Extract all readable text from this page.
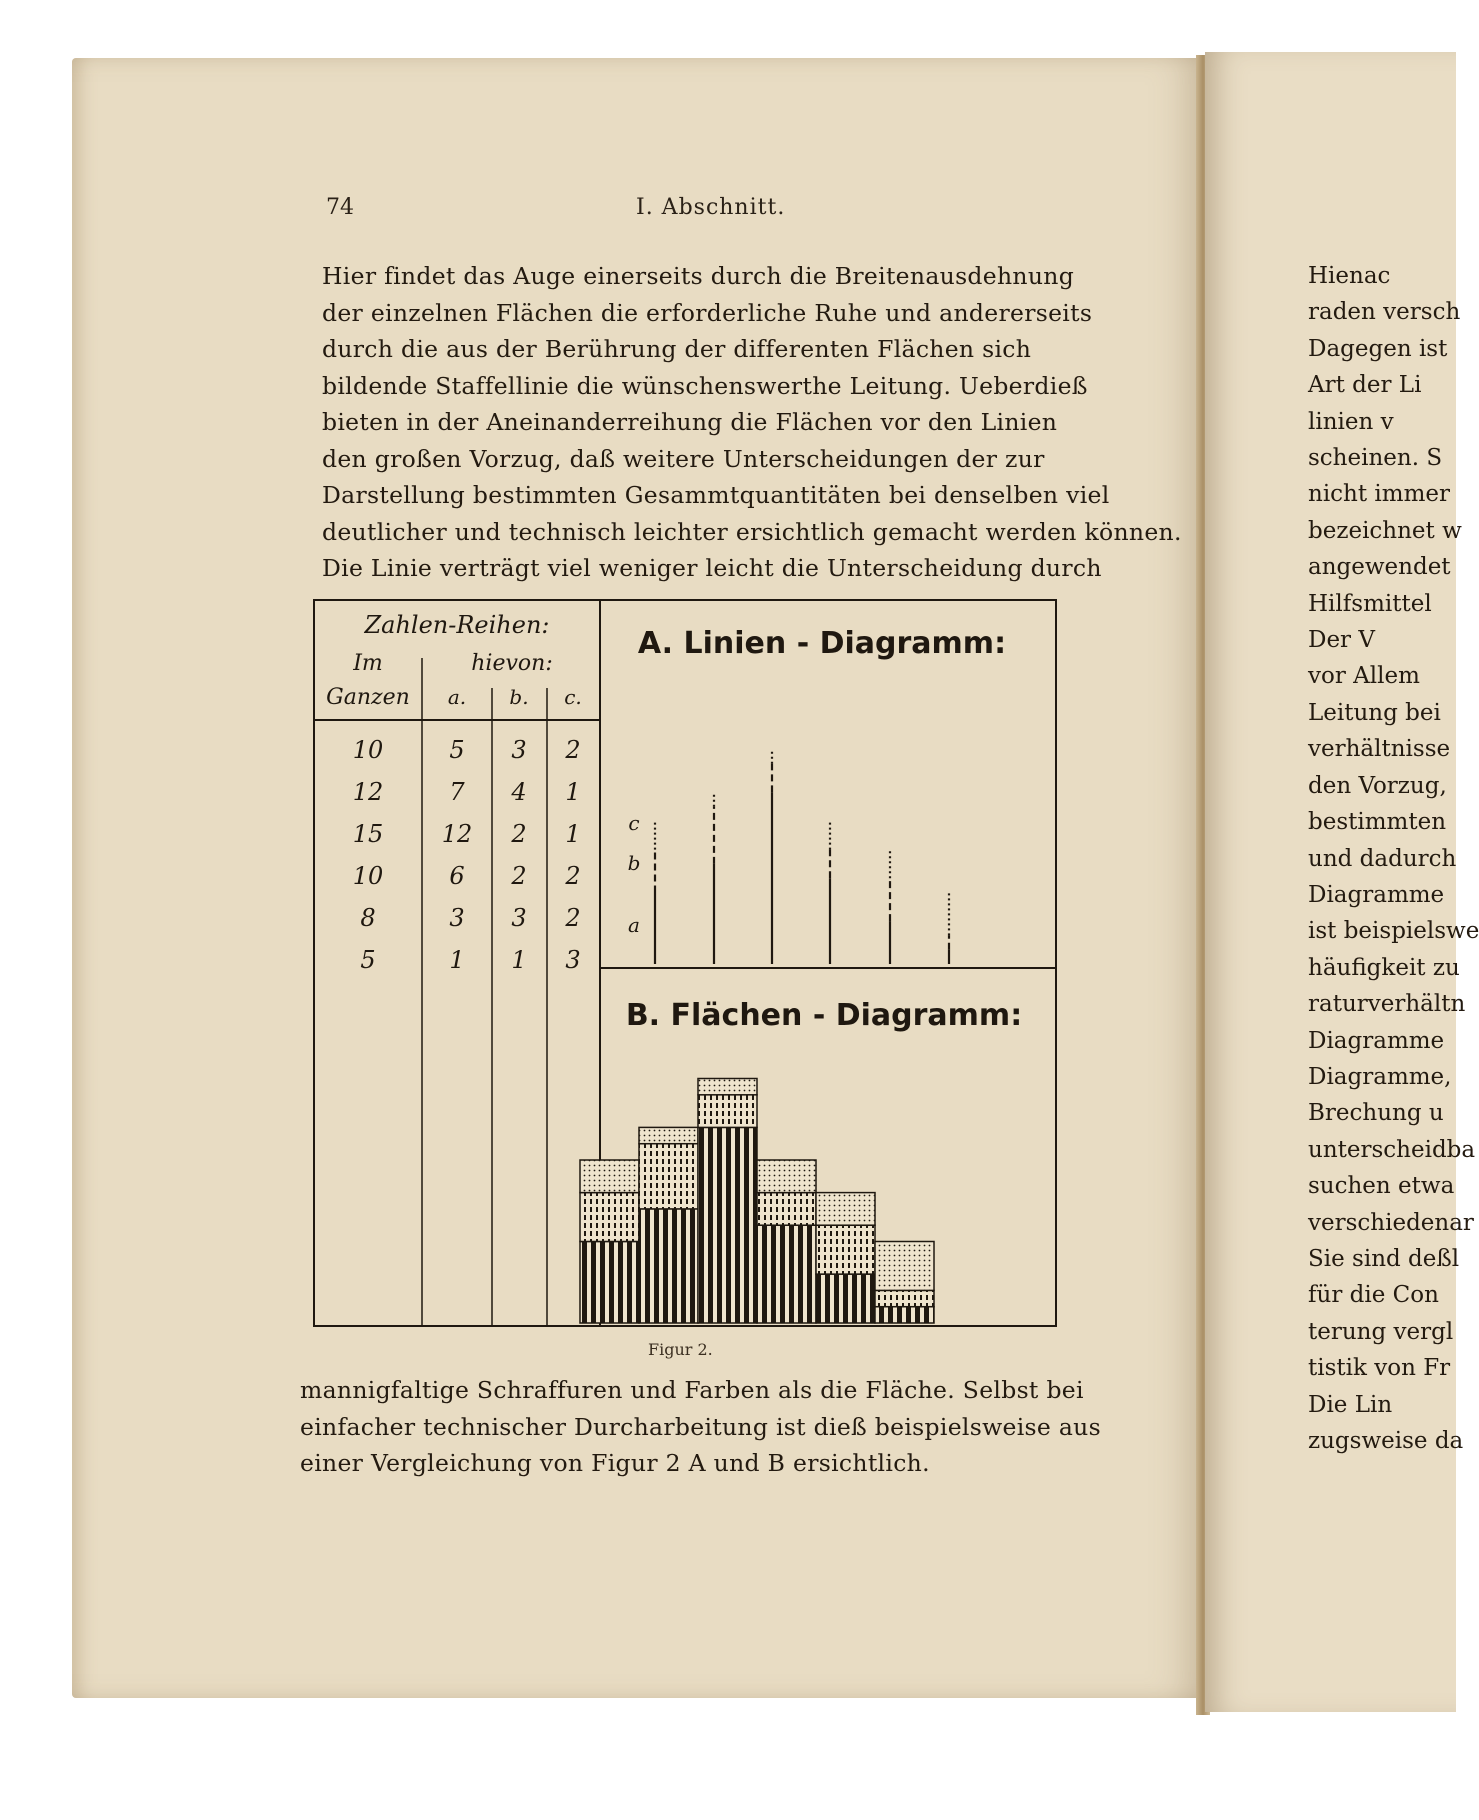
74	I. Abschnitt.
Hier findet das Auge einerseits durch die Breitenausdehnung
der einzelnen Flächen die erforderliche Ruhe und andererseits
durch die aus der Berührung der differenten Flächen sich
bildende Staffellinie die wünschenswerthe Leitung. Ueberdieß
bieten in der Aneinanderreihung die Flächen vor den Linien
den großen Vorzug, daß weitere Unterscheidungen der zur
Darstellung bestimmten Gesammtquantitäten bei denselben viel
deutlicher und technisch leichter ersichtlich gemacht werden können.
Die Linie verträgt viel weniger leicht die Unterscheidung durch
Zahlen-Reihen:
Im
Ganzen
hievon:
a. b. c.
10	5 3 2
12	7 4 1
15 12 2 1
10	6 2 2
8	3 3 2
5	1 1 3
A. Linien - Diagramm:
B. Flächen - Diagramm:
c
b
a
Figur 2.
mannigfaltige Schraffuren und Farben als die Fläche. Selbst bei
einfacher technischer Durcharbeitung ist dieß beispielsweise aus
einer Vergleichung von Figur 2 A und B ersichtlich.
Hienac
raden versch
Dagegen ist
Art der Li
linien v
scheinen. S
nicht immer
bezeichnet w
angewendet
Hilfsmittel
Der V
vor Allem
Leitung bei
verhältnisse
den Vorzug,
bestimmten
und dadurch
Diagramme
ist beispielswe
häufigkeit zu
raturverhältn
Diagramme
Diagramme,
Brechung u
unterscheidba
suchen etwa
verschiedenar
Sie sind deßl
für die Con
terung vergl
tistik von Fr
Die Lin
zugsweise da
